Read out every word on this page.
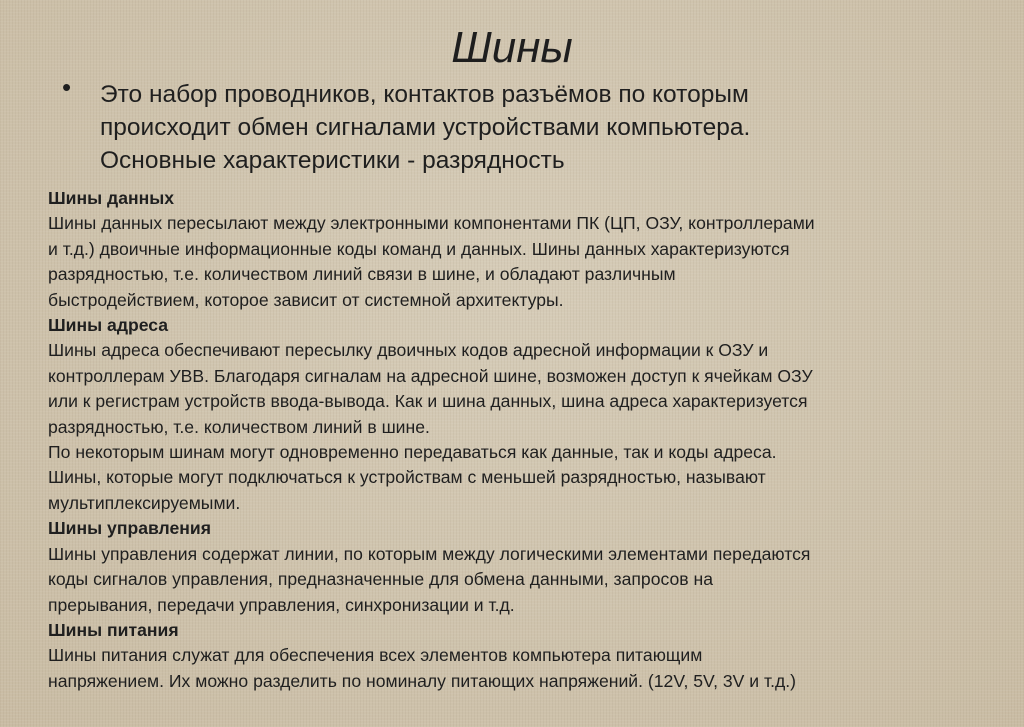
Шины
• Это набор проводников, контактов разъёмов по которым
происходит обмен сигналами устройствами компьютера.
Основные характеристики - разрядность
Шины данных
Шины данных пересылают между электронными компонентами ПК (ЦП, ОЗУ, контроллерами
и т.д.) двоичные информационные коды команд и данных. Шины данных характеризуются
разрядностью, т.е. количеством линий связи в шине, и обладают различным
быстродействием, которое зависит от системной архитектуры.
Шины адреса
Шины адреса обеспечивают пересылку двоичных кодов адресной информации к ОЗУ и
контроллерам УВВ. Благодаря сигналам на адресной шине, возможен доступ к ячейкам ОЗУ
или к регистрам устройств ввода-вывода. Как и шина данных, шина адреса характеризуется
разрядностью, т.е. количеством линий в шине.
По некоторым шинам могут одновременно передаваться как данные, так и коды адреса.
Шины, которые могут подключаться к устройствам с меньшей разрядностью, называют
мультиплексируемыми.
Шины управления
Шины управления содержат линии, по которым между логическими элементами передаются
коды сигналов управления, предназначенные для обмена данными, запросов на
прерывания, передачи управления, синхронизации и т.д.
Шины питания
Шины питания служат для обеспечения всех элементов компьютера питающим
напряжением. Их можно разделить по номиналу питающих напряжений. (12V, 5V, 3V и т.д.)
